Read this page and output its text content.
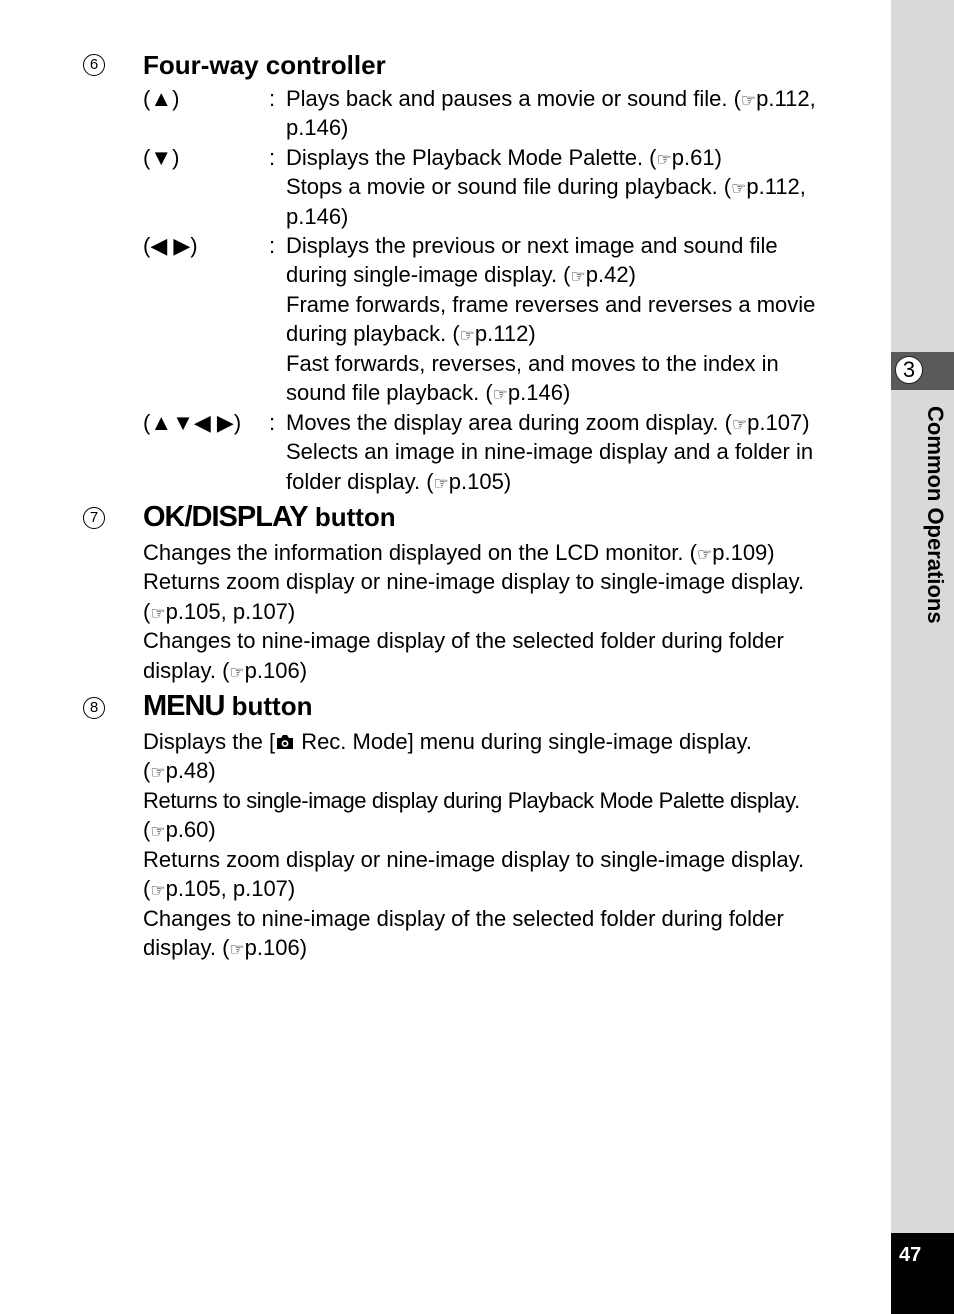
3
Common Operations
47
6 Four-way controller
(▲)	: Plays back and pauses a movie or sound file. (☞p.112,
p.146)
(▼)	: Displays the Playback Mode Palette. (☞p.61)
Stops a movie or sound file during playback. (☞p.112,
p.146)
(◀ ▶)	: Displays the previous or next image and sound file
during single-image display. (☞p.42)
Frame forwards, frame reverses and reverses a movie
during playback. (☞p.112)
Fast forwards, reverses, and moves to the index in
sound file playback. (☞p.146)
(▲▼◀ ▶) : Moves the display area during zoom display. (☞p.107)
Selects an image in nine-image display and a folder in
folder display. (☞p.105)
7 OK/DISPLAY button
Changes the information displayed on the LCD monitor. (☞p.109)
Returns zoom display or nine-image display to single-image display.
(☞p.105, p.107)
Changes to nine-image display of the selected folder during folder
display. (☞p.106)
8 MENU button
Displays the [ Rec. Mode] menu during single-image display.
(☞p.48)
Returns to single-image display during Playback Mode Palette display.
(☞p.60)
Returns zoom display or nine-image display to single-image display.
(☞p.105, p.107)
Changes to nine-image display of the selected folder during folder
display. (☞p.106)
